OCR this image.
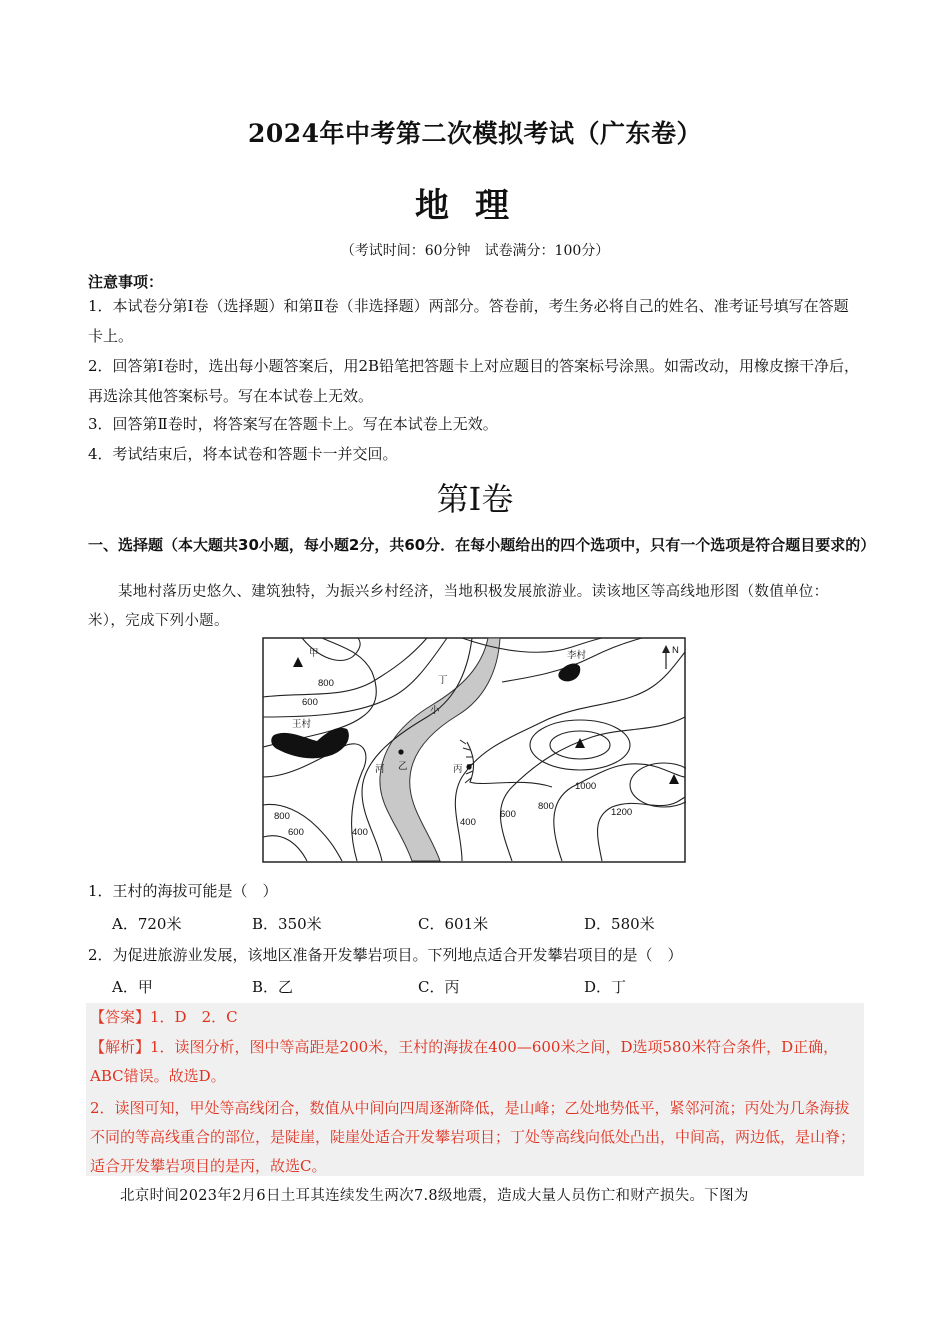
2024年中考第二次模拟考试（广东卷）
地理
（考试时间：60分钟　试卷满分：100分）
注意事项：
1．本试卷分第Ⅰ卷（选择题）和第Ⅱ卷（非选择题）两部分。答卷前，考生务必将自己的姓名、准考证号填写在答题卡上。
2．回答第Ⅰ卷时，选出每小题答案后，用2B铅笔把答题卡上对应题目的答案标号涂黑。如需改动，用橡皮擦干净后，再选涂其他答案标号。写在本试卷上无效。
3．回答第Ⅱ卷时，将答案写在答题卡上。写在本试卷上无效。
4．考试结束后，将本试卷和答题卡一并交回。
第Ⅰ卷
一、选择题（本大题共30小题，每小题2分，共60分．在每小题给出的四个选项中，只有一个选项是符合题目要求的）
某地村落历史悠久、建筑独特，为振兴乡村经济，当地积极发展旅游业。读该地区等高线地形图（数值单位：米），完成下列小题。
甲
丁
王村
李村
小
河 乙	丙
N
800
600
800
600	400
400
600
800
1000
1200
1．王村的海拔可能是（　）
A．720米	B．350米	C．601米	D．580米
2．为促进旅游业发展，该地区准备开发攀岩项目。下列地点适合开发攀岩项目的是（　）
A．甲	B．乙	C．丙	D．丁
【答案】1．D　2．C
【解析】1．读图分析，图中等高距是200米，王村的海拔在400—600米之间，D选项580米符合条件，D正确，ABC错误。故选D。
2．读图可知，甲处等高线闭合，数值从中间向四周逐渐降低，是山峰；乙处地势低平，紧邻河流；丙处为几条海拔不同的等高线重合的部位，是陡崖，陡崖处适合开发攀岩项目；丁处等高线向低处凸出，中间高，两边低，是山脊；适合开发攀岩项目的是丙，故选C。
北京时间2023年2月6日土耳其连续发生两次7.8级地震，造成大量人员伤亡和财产损失。下图为
